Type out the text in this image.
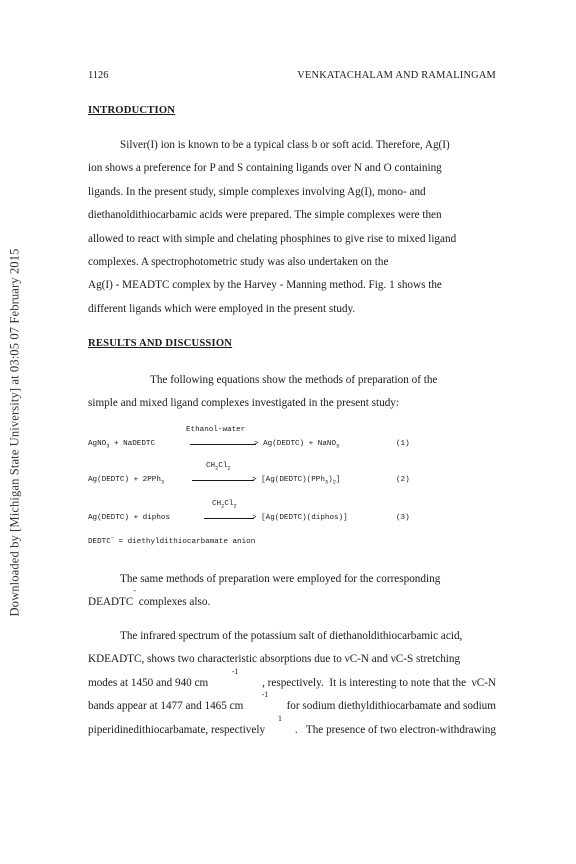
Downloaded by [Michigan State University] at 03:05 07 February 2015
1126	VENKATACHALAM AND RAMALINGAM
INTRODUCTION
Silver(I) ion is known to be a typical class b or soft acid. Therefore, Ag(I)
ion shows a preference for P and S containing ligands over N and O containing
ligands. In the present study, simple complexes involving Ag(I), mono- and
diethanoldithiocarbamic acids were prepared. The simple complexes were then
allowed to react with simple and chelating phosphines to give rise to mixed ligand
complexes. A spectrophotometric study was also undertaken on the
Ag(I) - MEADTC complex by the Harvey - Manning method. Fig. 1 shows the
different ligands which were employed in the present study.
RESULTS AND DISCUSSION
The following equations show the methods of preparation of the
simple and mixed ligand complexes investigated in the present study:
Ethanol-water
AgNO$_3$ + NaDEDTC	> Ag(DEDTC) + NaNO$_3$	(1)
$CH_2Cl_2$
Ag(DEDTC) + 2PPh$_3$	> $[Ag(DEDTC)(PPh_3)_2]$	(2)
$CH_2Cl_2$
Ag(DEDTC) + diphos	> [Ag(DEDTC)(diphos)]	(3)
DEDTC− = diethyldithiocarbamate anion
The same methods of preparation were employed for the corresponding
DEADTC
-
complexes also.
The infrared spectrum of the potassium salt of diethanoldithiocarbamic acid,
KDEADTC, shows two characteristic absorptions due to νC-N and νC-S stretching
modes at 1450 and 940 cm
-1
, respectively.  It is interesting to note that the  νC-N
bands appear at 1477 and 1465 cm
-1
for sodium diethyldithiocarbamate and sodium
piperidinedithiocarbamate, respectively
1
.   The presence of two electron-withdrawing
